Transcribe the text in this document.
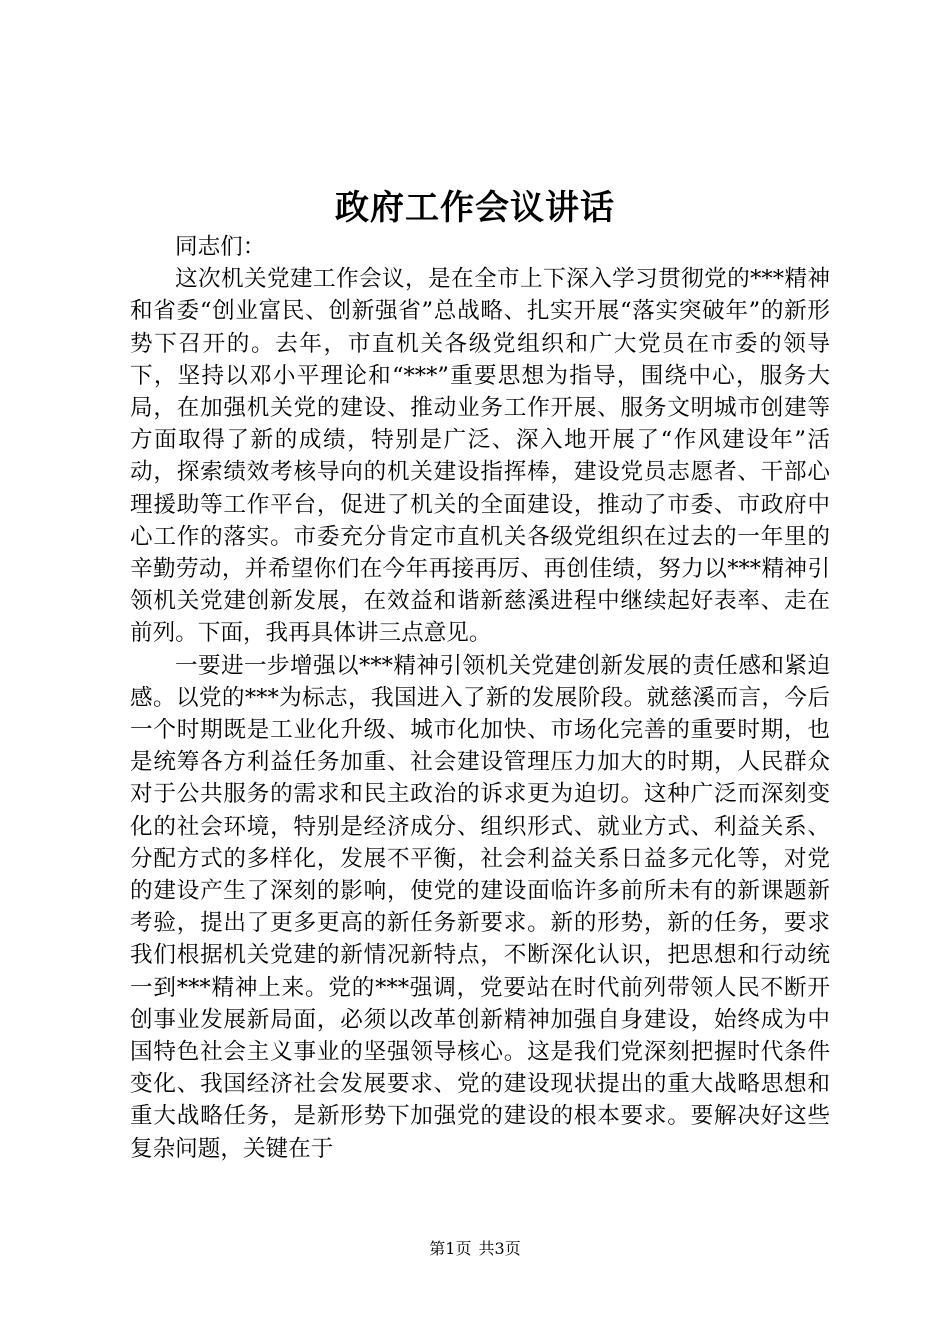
政府工作会议讲话

同志们：

这次机关党建工作会议，是在全市上下深入学习贯彻党的***精神和省委“创业富民、创新强省”总战略、扎实开展“落实突破年”的新形势下召开的。去年，市直机关各级党组织和广大党员在市委的领导下，坚持以邓小平理论和“***”重要思想为指导，围绕中心，服务大局，在加强机关党的建设、推动业务工作开展、服务文明城市创建等方面取得了新的成绩，特别是广泛、深入地开展了“作风建设年”活动，探索绩效考核导向的机关建设指挥棒，建设党员志愿者、干部心理援助等工作平台，促进了机关的全面建设，推动了市委、市政府中心工作的落实。市委充分肯定市直机关各级党组织在过去的一年里的辛勤劳动，并希望你们在今年再接再厉、再创佳绩，努力以***精神引领机关党建创新发展，在效益和谐新慈溪进程中继续起好表率、走在前列。下面，我再具体讲三点意见。

一要进一步增强以***精神引领机关党建创新发展的责任感和紧迫感。以党的***为标志，我国进入了新的发展阶段。就慈溪而言，今后一个时期既是工业化升级、城市化加快、市场化完善的重要时期，也是统筹各方利益任务加重、社会建设管理压力加大的时期，人民群众对于公共服务的需求和民主政治的诉求更为迫切。这种广泛而深刻变化的社会环境，特别是经济成分、组织形式、就业方式、利益关系、分配方式的多样化，发展不平衡，社会利益关系日益多元化等，对党的建设产生了深刻的影响，使党的建设面临许多前所未有的新课题新考验，提出了更多更高的新任务新要求。新的形势，新的任务，要求我们根据机关党建的新情况新特点，不断深化认识，把思想和行动统一到***精神上来。党的***强调，党要站在时代前列带领人民不断开创事业发展新局面，必须以改革创新精神加强自身建设，始终成为中国特色社会主义事业的坚强领导核心。这是我们党深刻把握时代条件变化、我国经济社会发展要求、党的建设现状提出的重大战略思想和重大战略任务，是新形势下加强党的建设的根本要求。要解决好这些复杂问题，关键在于

第1页 共3页
